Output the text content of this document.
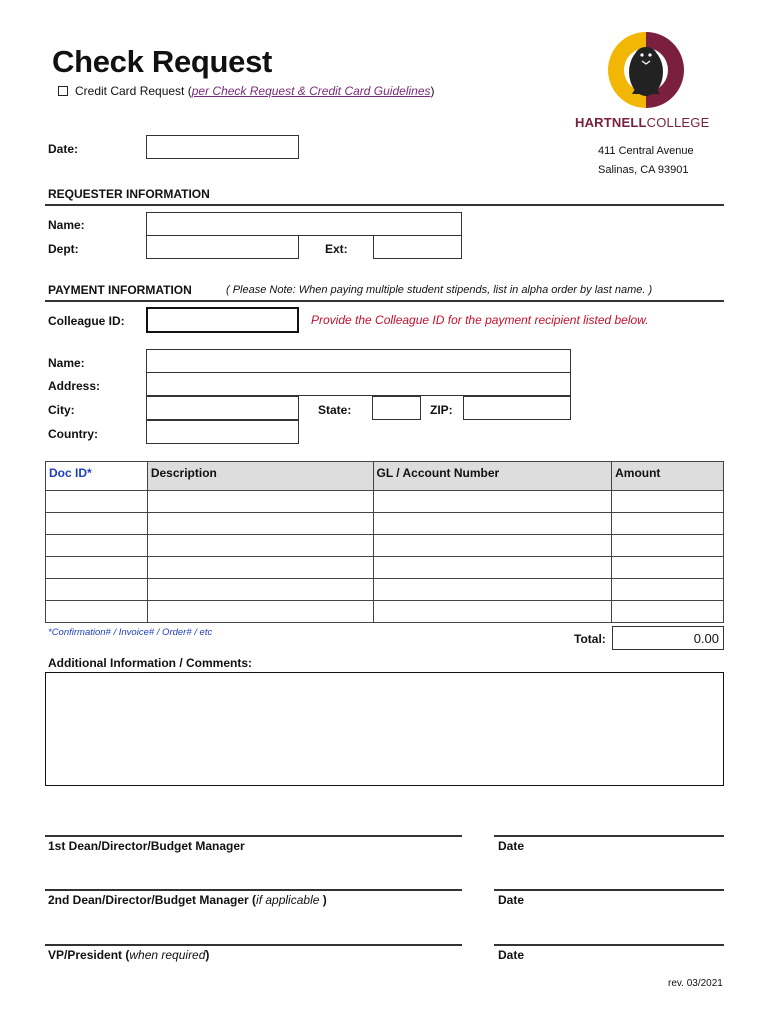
Check Request
Credit Card Request ( per Check Request & Credit Card Guidelines )
HARTNELLCOLLEGE
411 Central Avenue
Salinas, CA 93901
Date:
REQUESTER INFORMATION
Name:
Dept:	Ext:
PAYMENT INFORMATION	( Please Note: When paying multiple student stipends, list in alpha order by last name. )
Colleague ID:	Provide the Colleague ID for the payment recipient listed below.
Name:
Address:
City:	State:	ZIP:
Country:
Doc ID*	Description	GL / Account Number	Amount

*Confirmation# / Invoice# / Order# / etc	Total:	0.00
Additional Information / Comments:
1st Dean/Director/Budget Manager	Date
2nd Dean/Director/Budget Manager (if applicable )	Date
VP/President (when required)	Date
rev. 03/2021
